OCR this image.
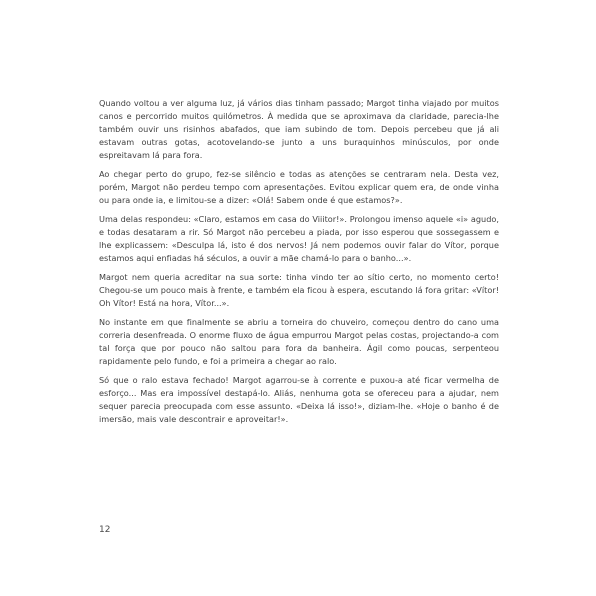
Quando voltou a ver alguma luz, já vários dias tinham passado; Margot tinha viajado por muitos canos e percorrido muitos quilómetros. À medida que se aproximava da claridade, parecia-lhe também ouvir uns risinhos abafados, que iam subindo de tom. Depois percebeu que já ali estavam outras gotas, acotovelando-se junto a uns buraquinhos minúsculos, por onde espreitavam lá para fora.

Ao chegar perto do grupo, fez-se silêncio e todas as atenções se centraram nela. Desta vez, porém, Margot não perdeu tempo com apresentações. Evitou explicar quem era, de onde vinha ou para onde ia, e limitou-se a dizer: «Olá! Sabem onde é que estamos?».

Uma delas respondeu: «Claro, estamos em casa do Viiitor!». Prolongou imenso aquele «i» agudo, e todas desataram a rir. Só Margot não percebeu a piada, por isso esperou que sossegassem e lhe explicassem: «Desculpa lá, isto é dos nervos! Já nem podemos ouvir falar do Vítor, porque estamos aqui enfiadas há séculos, a ouvir a mãe chamá-lo para o banho...».

Margot nem queria acreditar na sua sorte: tinha vindo ter ao sítio certo, no momento certo! Chegou-se um pouco mais à frente, e também ela ficou à espera, escutando lá fora gritar: «Vítor! Oh Vítor! Está na hora, Vítor...».

No instante em que finalmente se abriu a torneira do chuveiro, começou dentro do cano uma correria desenfreada. O enorme fluxo de água empurrou Margot pelas costas, projectando-a com tal força que por pouco não saltou para fora da banheira. Ágil como poucas, serpenteou rapidamente pelo fundo, e foi a primeira a chegar ao ralo.

Só que o ralo estava fechado! Margot agarrou-se à corrente e puxou-a até ficar vermelha de esforço... Mas era impossível destapá-lo. Aliás, nenhuma gota se ofereceu para a ajudar, nem sequer parecia preocupada com esse assunto. «Deixa lá isso!», diziam-lhe. «Hoje o banho é de imersão, mais vale descontrair e aproveitar!».

12
